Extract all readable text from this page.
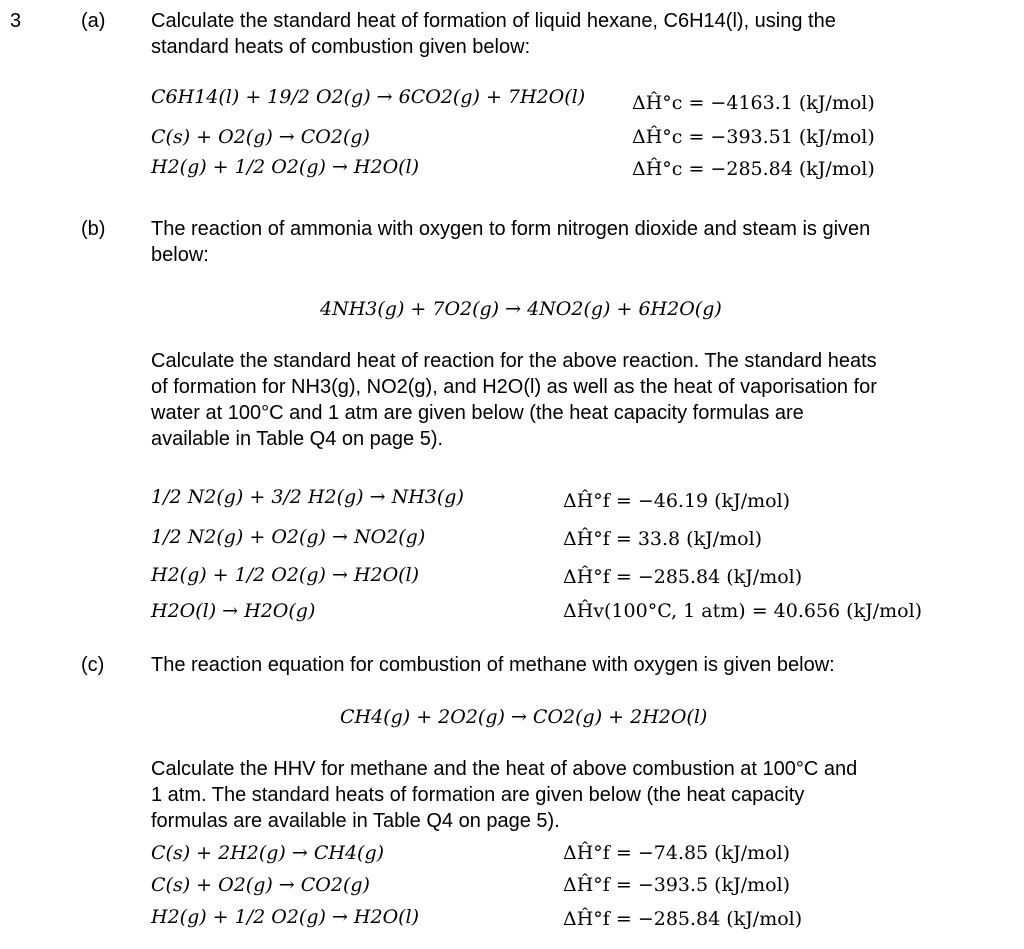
3	(a) Calculate the standard heat of formation of liquid hexane, C6H14(l), using the
standard heats of combustion given below:
C6H14(l) + 19/2 O2(g) → 6CO2(g) + 7H2O(l) ΔĤ°c = −4163.1 (kJ/mol)
C(s) + O2(g) → CO2(g)	ΔĤ°c = −393.51 (kJ/mol)
H2(g) + 1/2 O2(g) → H2O(l)	ΔĤ°c = −285.84 (kJ/mol)
(b) The reaction of ammonia with oxygen to form nitrogen dioxide and steam is given
below:
4NH3(g) + 7O2(g) → 4NO2(g) + 6H2O(g)
Calculate the standard heat of reaction for the above reaction. The standard heats
of formation for NH3(g), NO2(g), and H2O(l) as well as the heat of vaporisation for
water at 100°C and 1 atm are given below (the heat capacity formulas are
available in Table Q4 on page 5).
1/2 N2(g) + 3/2 H2(g) → NH3(g)	ΔĤ°f = −46.19 (kJ/mol)
1/2 N2(g) + O2(g) → NO2(g)	ΔĤ°f = 33.8 (kJ/mol)
H2(g) + 1/2 O2(g) → H2O(l)	ΔĤ°f = −285.84 (kJ/mol)
H2O(l) → H2O(g)	ΔĤv(100°C, 1 atm) = 40.656 (kJ/mol)
(c) The reaction equation for combustion of methane with oxygen is given below:
CH4(g) + 2O2(g) → CO2(g) + 2H2O(l)
Calculate the HHV for methane and the heat of above combustion at 100°C and
1 atm. The standard heats of formation are given below (the heat capacity
formulas are available in Table Q4 on page 5).
C(s) + 2H2(g) → CH4(g)	ΔĤ°f = −74.85 (kJ/mol)
C(s) + O2(g) → CO2(g)	ΔĤ°f = −393.5 (kJ/mol)
H2(g) + 1/2 O2(g) → H2O(l)	ΔĤ°f = −285.84 (kJ/mol)
